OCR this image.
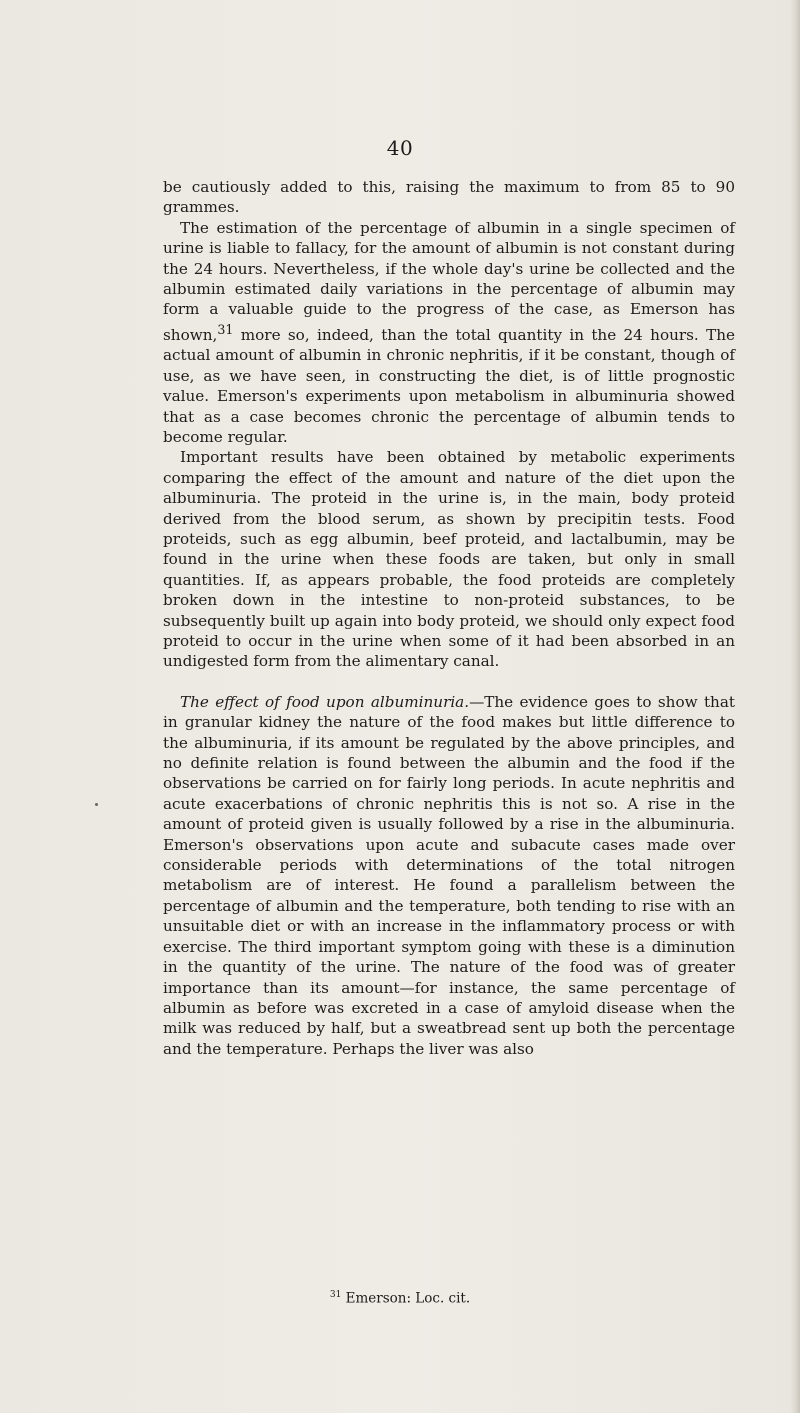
40

be cautiously added to this, raising the maximum to from 85 to 90 grammes.

The estimation of the percentage of albumin in a single specimen of urine is liable to fallacy, for the amount of albumin is not constant during the 24 hours. Nevertheless, if the whole day's urine be collected and the albumin estimated daily variations in the percentage of albumin may form a valuable guide to the progress of the case, as Emerson has shown,$^{31}$ more so, indeed, than the total quantity in the 24 hours. The actual amount of albumin in chronic nephritis, if it be constant, though of use, as we have seen, in constructing the diet, is of little prognostic value. Emerson's experiments upon metabolism in albuminuria showed that as a case becomes chronic the percentage of albumin tends to become regular.

Important results have been obtained by metabolic experiments comparing the effect of the amount and nature of the diet upon the albuminuria. The proteid in the urine is, in the main, body proteid derived from the blood serum, as shown by precipitin tests. Food proteids, such as egg albumin, beef proteid, and lactalbumin, may be found in the urine when these foods are taken, but only in small quantities. If, as appears probable, the food proteids are completely broken down in the intestine to non-proteid substances, to be subsequently built up again into body proteid, we should only expect food proteid to occur in the urine when some of it had been absorbed in an undigested form from the alimentary canal.

The effect of food upon albuminuria.—The evidence goes to show that in granular kidney the nature of the food makes but little difference to the albuminuria, if its amount be regulated by the above principles, and no definite relation is found between the albumin and the food if the observations be carried on for fairly long periods. In acute nephritis and acute exacerbations of chronic nephritis this is not so. A rise in the amount of proteid given is usually followed by a rise in the albuminuria. Emerson's observations upon acute and subacute cases made over considerable periods with determinations of the total nitrogen metabolism are of interest. He found a parallelism between the percentage of albumin and the temperature, both tending to rise with an unsuitable diet or with an increase in the inflammatory process or with exercise. The third important symptom going with these is a diminution in the quantity of the urine. The nature of the food was of greater importance than its amount—for instance, the same percentage of albumin as before was excreted in a case of amyloid disease when the milk was reduced by half, but a sweatbread sent up both the percentage and the temperature. Perhaps the liver was also

$^{31}$ Emerson: Loc. cit.
